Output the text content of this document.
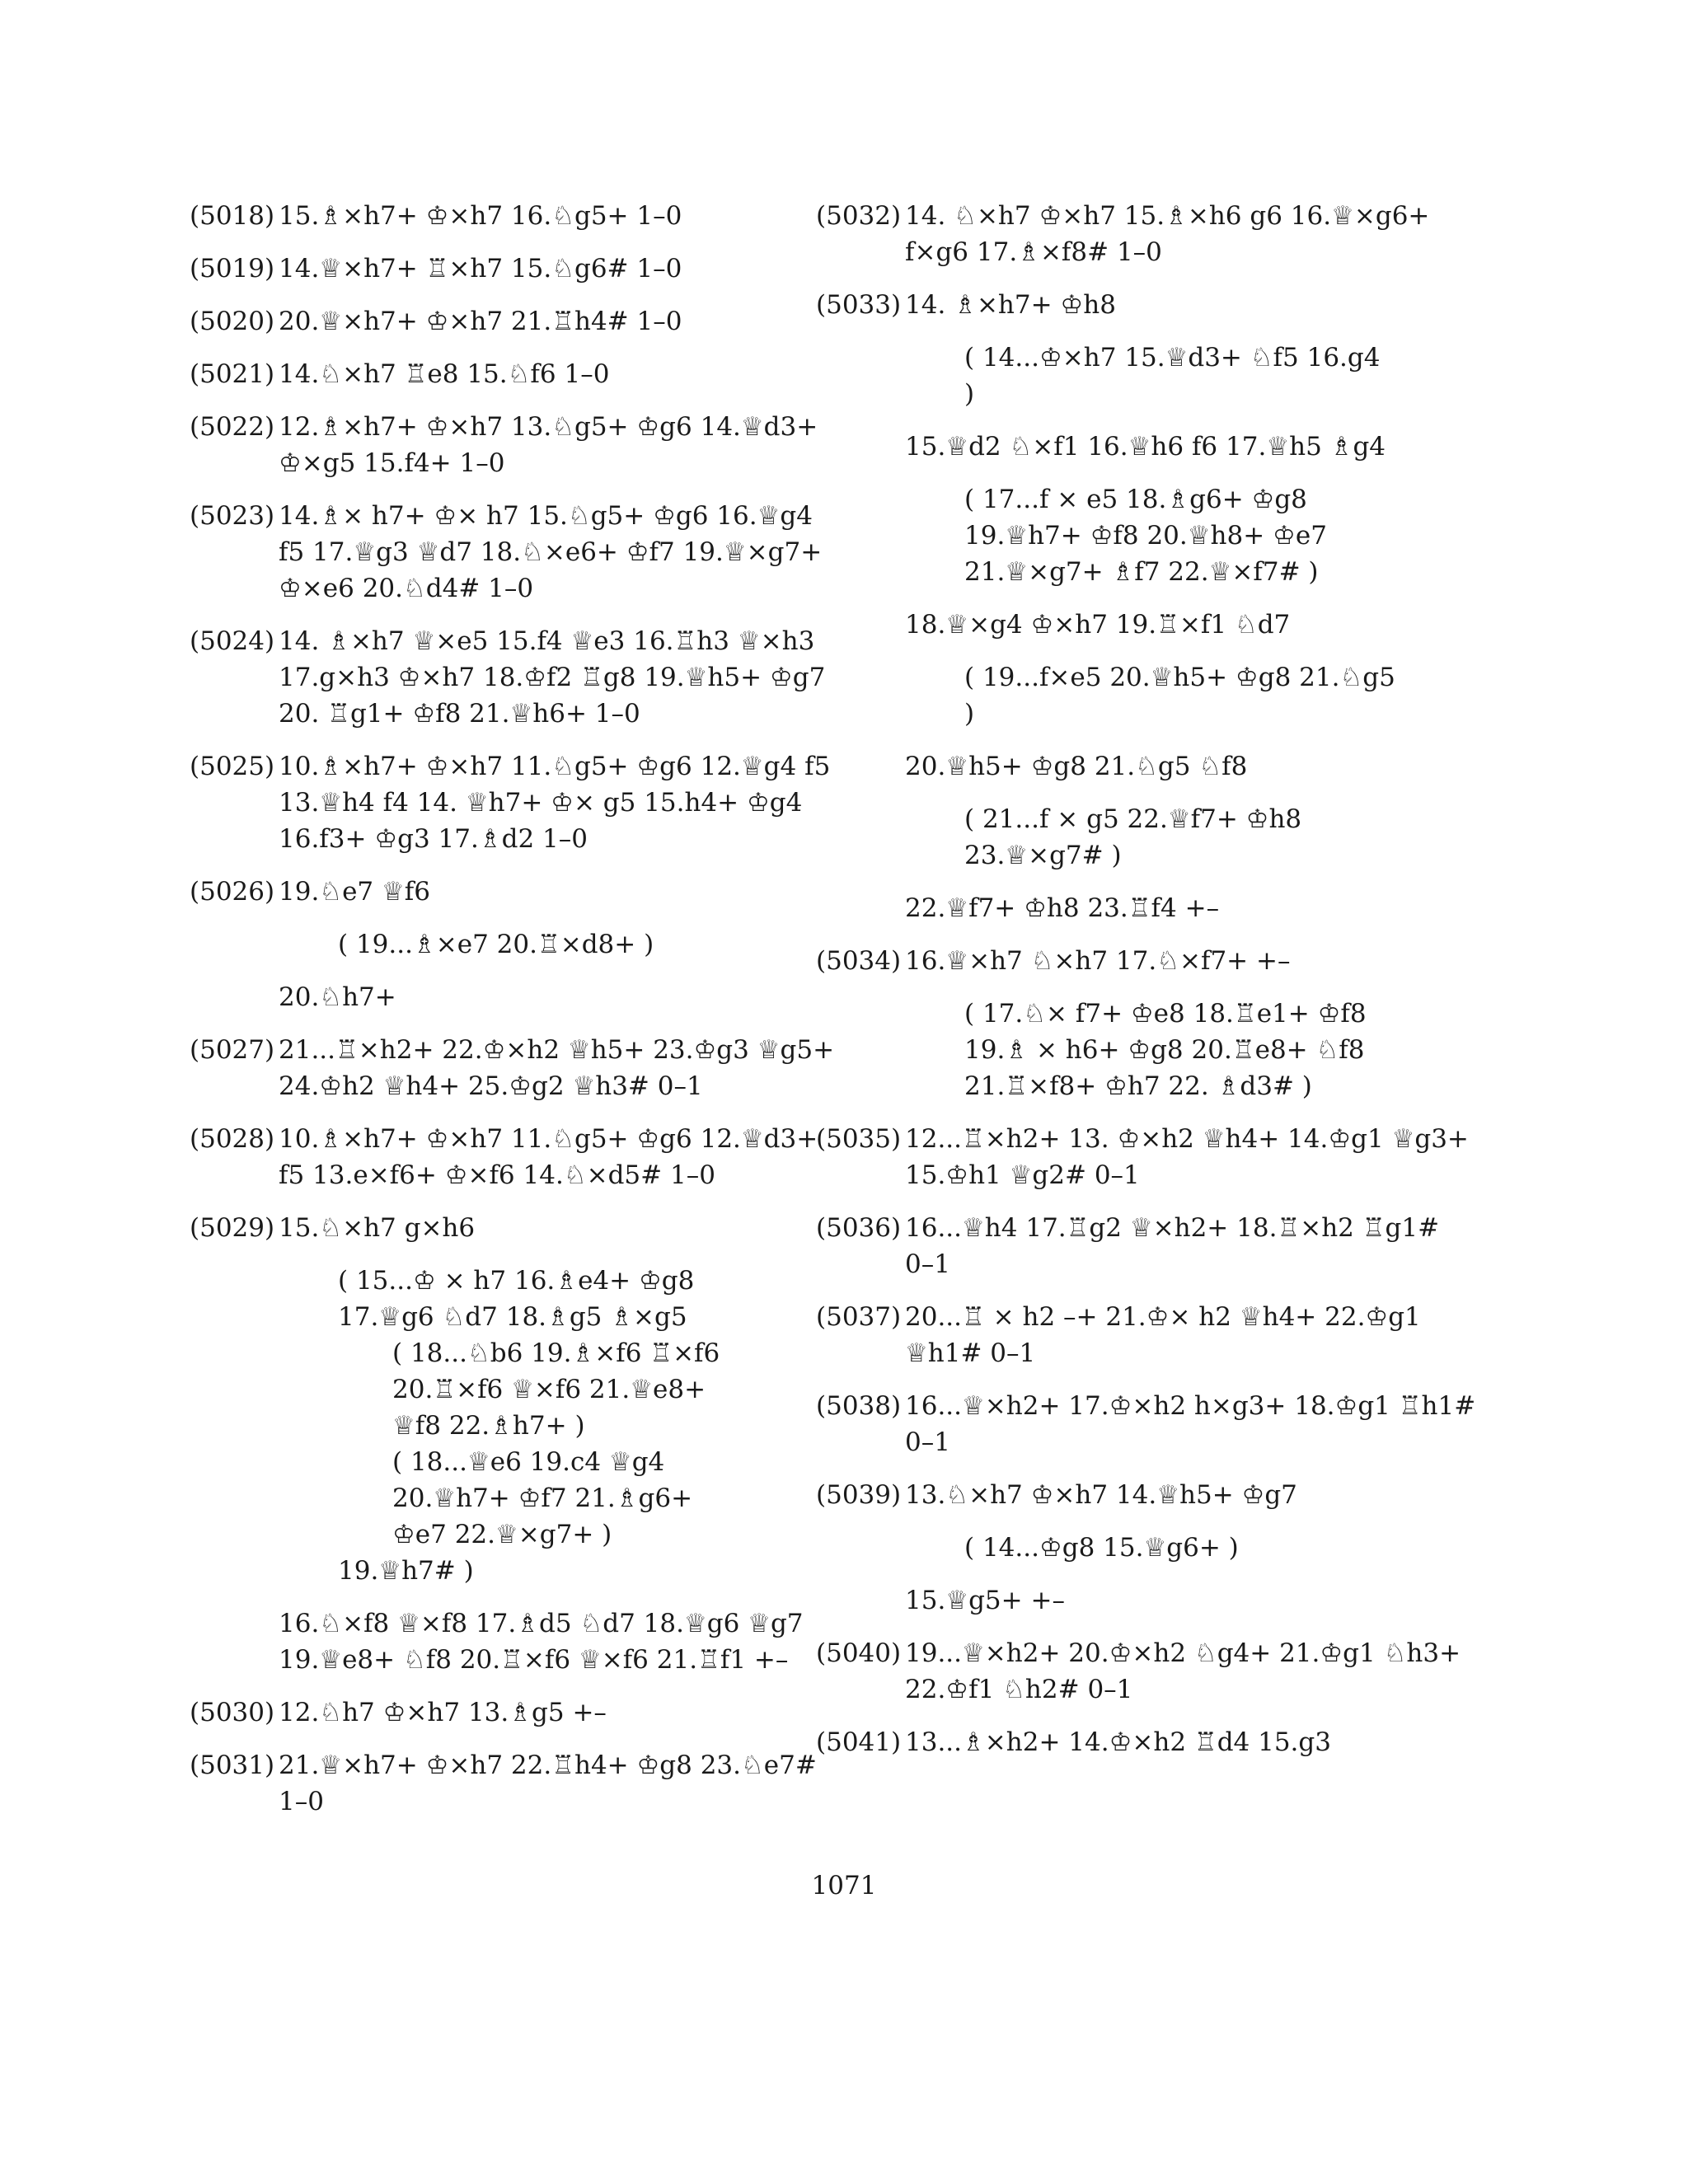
(5018) 15.♗×h7+ ♔×h7 16.♘g5+ 1–0
(5019) 14.♕×h7+ ♖×h7 15.♘g6# 1–0
(5020) 20.♕×h7+ ♔×h7 21.♖h4# 1–0
(5021) 14.♘×h7 ♖e8 15.♘f6 1–0
(5022) 12.♗×h7+ ♔×h7 13.♘g5+ ♔g6 14.♕d3+
♔×g5 15.f4+ 1–0
(5023) 14.♗× h7+ ♔× h7 15.♘g5+ ♔g6 16.♕g4
f5 17.♕g3 ♕d7 18.♘×e6+ ♔f7 19.♕×g7+
♔×e6 20.♘d4# 1–0
(5024) 14. ♗×h7 ♕×e5 15.f4 ♕e3 16.♖h3 ♕×h3
17.g×h3 ♔×h7 18.♔f2 ♖g8 19.♕h5+ ♔g7
20. ♖g1+ ♔f8 21.♕h6+ 1–0
(5025) 10.♗×h7+ ♔×h7 11.♘g5+ ♔g6 12.♕g4 f5
13.♕h4 f4 14. ♕h7+ ♔× g5 15.h4+ ♔g4
16.f3+ ♔g3 17.♗d2 1–0
(5026) 19.♘e7 ♕f6
( 19...♗×e7 20.♖×d8+ )
20.♘h7+
(5027) 21...♖×h2+ 22.♔×h2 ♕h5+ 23.♔g3 ♕g5+
24.♔h2 ♕h4+ 25.♔g2 ♕h3# 0–1
(5028) 10.♗×h7+ ♔×h7 11.♘g5+ ♔g6 12.♕d3+
f5 13.e×f6+ ♔×f6 14.♘×d5# 1–0
(5029) 15.♘×h7 g×h6
( 15...♔ × h7 16.♗e4+ ♔g8
17.♕g6 ♘d7 18.♗g5 ♗×g5
( 18...♘b6 19.♗×f6 ♖×f6
20.♖×f6 ♕×f6 21.♕e8+
♕f8 22.♗h7+ )
( 18...♕e6 19.c4 ♕g4
20.♕h7+ ♔f7 21.♗g6+
♔e7 22.♕×g7+ )
19.♕h7# )
16.♘×f8 ♕×f8 17.♗d5 ♘d7 18.♕g6 ♕g7
19.♕e8+ ♘f8 20.♖×f6 ♕×f6 21.♖f1 +–
(5030) 12.♘h7 ♔×h7 13.♗g5 +–
(5031) 21.♕×h7+ ♔×h7 22.♖h4+ ♔g8 23.♘e7#
1–0
(5032) 14. ♘×h7 ♔×h7 15.♗×h6 g6 16.♕×g6+
f×g6 17.♗×f8# 1–0
(5033) 14. ♗×h7+ ♔h8
( 14...♔×h7 15.♕d3+ ♘f5 16.g4
)
15.♕d2 ♘×f1 16.♕h6 f6 17.♕h5 ♗g4
( 17...f × e5 18.♗g6+ ♔g8
19.♕h7+ ♔f8 20.♕h8+ ♔e7
21.♕×g7+ ♗f7 22.♕×f7# )
18.♕×g4 ♔×h7 19.♖×f1 ♘d7
( 19...f×e5 20.♕h5+ ♔g8 21.♘g5
)
20.♕h5+ ♔g8 21.♘g5 ♘f8
( 21...f × g5 22.♕f7+ ♔h8
23.♕×g7# )
22.♕f7+ ♔h8 23.♖f4 +–
(5034) 16.♕×h7 ♘×h7 17.♘×f7+ +–
( 17.♘× f7+ ♔e8 18.♖e1+ ♔f8
19.♗ × h6+ ♔g8 20.♖e8+ ♘f8
21.♖×f8+ ♔h7 22. ♗d3# )
(5035) 12...♖×h2+ 13. ♔×h2 ♕h4+ 14.♔g1 ♕g3+
15.♔h1 ♕g2# 0–1
(5036) 16...♕h4 17.♖g2 ♕×h2+ 18.♖×h2 ♖g1#
0–1
(5037) 20...♖ × h2 –+ 21.♔× h2 ♕h4+ 22.♔g1
♕h1# 0–1
(5038) 16...♕×h2+ 17.♔×h2 h×g3+ 18.♔g1 ♖h1#
0–1
(5039) 13.♘×h7 ♔×h7 14.♕h5+ ♔g7
( 14...♔g8 15.♕g6+ )
15.♕g5+ +–
(5040) 19...♕×h2+ 20.♔×h2 ♘g4+ 21.♔g1 ♘h3+
22.♔f1 ♘h2# 0–1
(5041) 13...♗×h2+ 14.♔×h2 ♖d4 15.g3
1071
